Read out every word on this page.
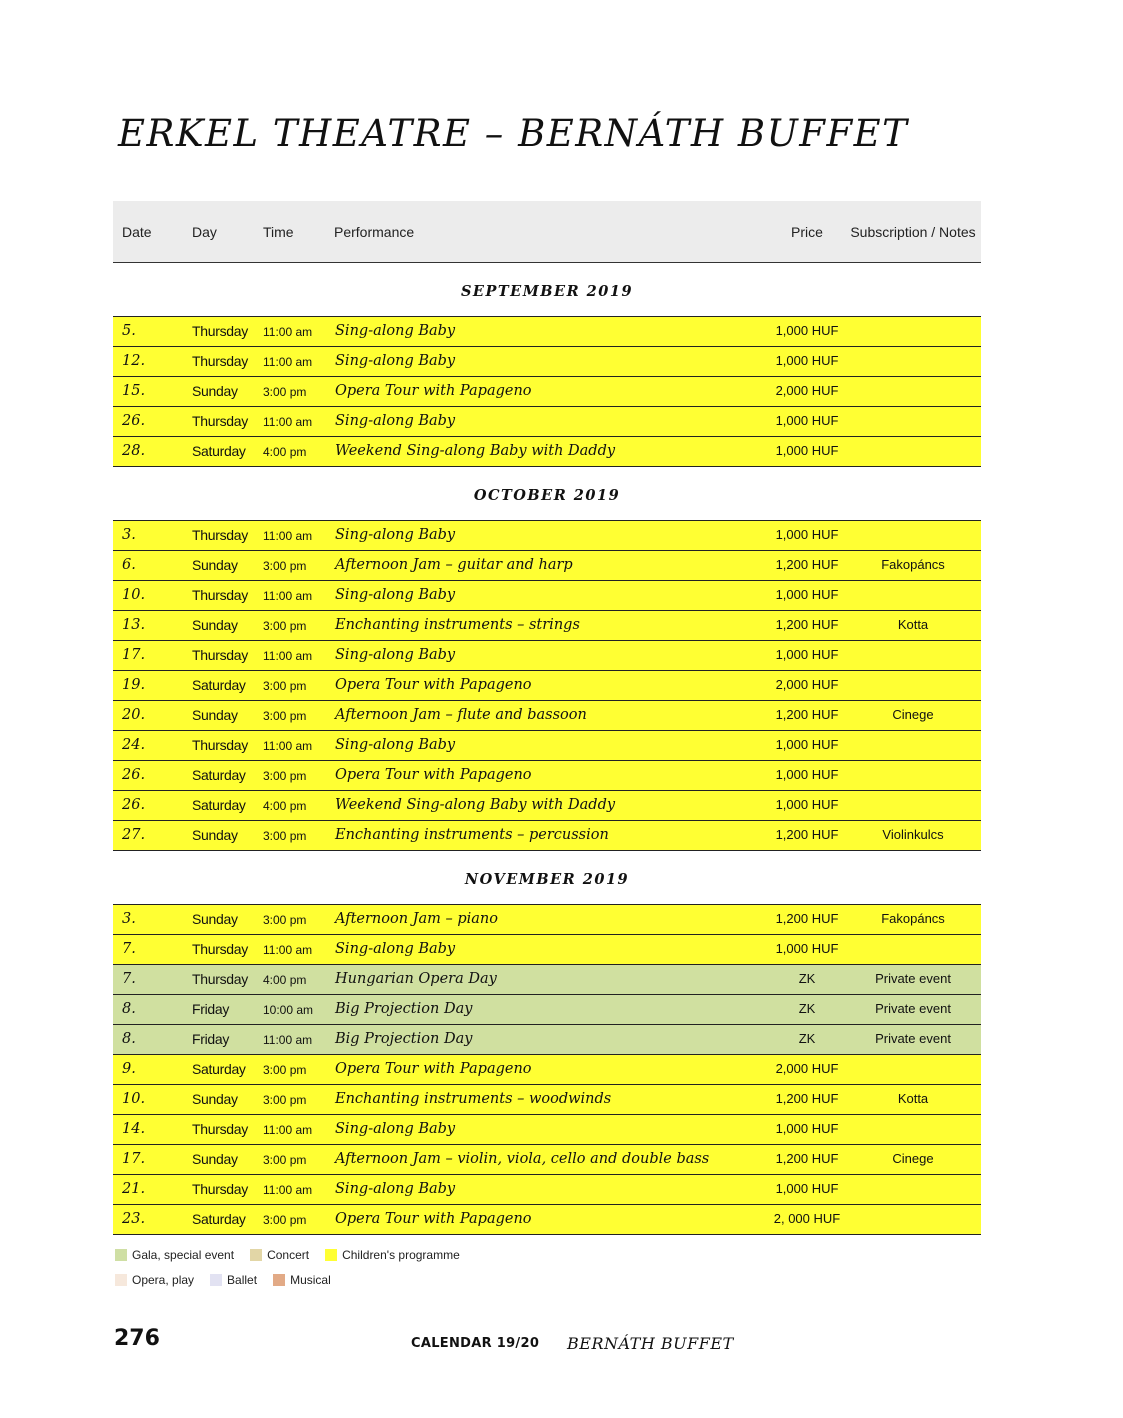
ERKEL THEATRE – BERNÁTH BUFFET
Date	Day	Time	Performance	Price	Subscription / Notes
SEPTEMBER 2019
5.	Thursday 11:00 am Sing-along Baby	1,000 HUF
12.	Thursday 11:00 am Sing-along Baby	1,000 HUF
15.	Sunday 3:00 pm Opera Tour with Papageno	2,000 HUF
26.	Thursday 11:00 am Sing-along Baby	1,000 HUF
28.	Saturday 4:00 pm Weekend Sing-along Baby with Daddy	1,000 HUF
OCTOBER 2019
3.	Thursday 11:00 am Sing-along Baby	1,000 HUF
6.	Sunday 3:00 pm Afternoon Jam – guitar and harp	1,200 HUF	Fakopáncs
10.	Thursday 11:00 am Sing-along Baby	1,000 HUF
13.	Sunday 3:00 pm Enchanting instruments – strings	1,200 HUF	Kotta
17.	Thursday 11:00 am Sing-along Baby	1,000 HUF
19.	Saturday 3:00 pm Opera Tour with Papageno	2,000 HUF
20.	Sunday 3:00 pm Afternoon Jam – flute and bassoon	1,200 HUF	Cinege
24.	Thursday 11:00 am Sing-along Baby	1,000 HUF
26.	Saturday 3:00 pm Opera Tour with Papageno	1,000 HUF
26.	Saturday 4:00 pm Weekend Sing-along Baby with Daddy	1,000 HUF
27.	Sunday 3:00 pm Enchanting instruments – percussion	1,200 HUF	Violinkulcs
NOVEMBER 2019
3.	Sunday 3:00 pm Afternoon Jam – piano	1,200 HUF	Fakopáncs
7.	Thursday 11:00 am Sing-along Baby	1,000 HUF
7.	Thursday 4:00 pm Hungarian Opera Day	ZK	Private event
8.	Friday	10:00 am Big Projection Day	ZK	Private event
8.	Friday	11:00 am Big Projection Day	ZK	Private event
9.	Saturday 3:00 pm Opera Tour with Papageno	2,000 HUF
10.	Sunday 3:00 pm Enchanting instruments – woodwinds	1,200 HUF	Kotta
14.	Thursday 11:00 am Sing-along Baby	1,000 HUF
17.	Sunday 3:00 pm Afternoon Jam – violin, viola, cello and double bass	1,200 HUF	Cinege
21.	Thursday 11:00 am Sing-along Baby	1,000 HUF
23.	Saturday 3:00 pm Opera Tour with Papageno	2, 000 HUF
Gala, special event	Concert	Children's programme
Opera, play	Ballet	Musical
276	CALENDAR 19/20 BERNÁTH BUFFET
